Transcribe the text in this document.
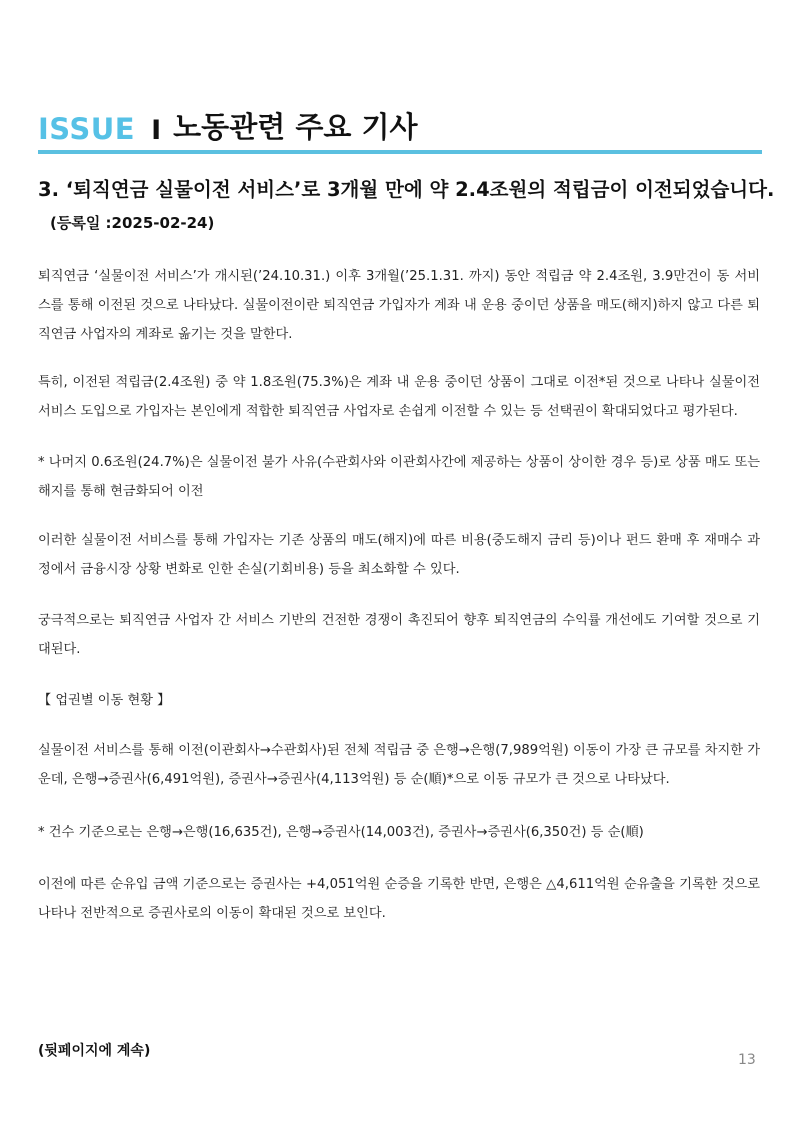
ISSUE I 노동관련 주요 기사
3. ‘퇴직연금 실물이전 서비스’로 3개월 만에 약 2.4조원의 적립금이 이전되었습니다.
(등록일 :2025-02-24)

퇴직연금 ‘실물이전 서비스’가 개시된(’24.10.31.) 이후 3개월(’25.1.31. 까지) 동안 적립금 약 2.4조원, 3.9만건이 동 서비스를 통해 이전된 것으로 나타났다. 실물이전이란 퇴직연금 가입자가 계좌 내 운용 중이던 상품을 매도(해지)하지 않고 다른 퇴직연금 사업자의 계좌로 옮기는 것을 말한다.

특히, 이전된 적립금(2.4조원) 중 약 1.8조원(75.3%)은 계좌 내 운용 중이던 상품이 그대로 이전*된 것으로 나타나 실물이전 서비스 도입으로 가입자는 본인에게 적합한 퇴직연금 사업자로 손쉽게 이전할 수 있는 등 선택권이 확대되었다고 평가된다.

* 나머지 0.6조원(24.7%)은 실물이전 불가 사유(수관회사와 이관회사간에 제공하는 상품이 상이한 경우 등)로 상품 매도 또는 해지를 통해 현금화되어 이전

이러한 실물이전 서비스를 통해 가입자는 기존 상품의 매도(해지)에 따른 비용(중도해지 금리 등)이나 펀드 환매 후 재매수 과정에서 금융시장 상황 변화로 인한 손실(기회비용) 등을 최소화할 수 있다.

궁극적으로는 퇴직연금 사업자 간 서비스 기반의 건전한 경쟁이 촉진되어 향후 퇴직연금의 수익률 개선에도 기여할 것으로 기대된다.

【 업권별 이동 현황 】

실물이전 서비스를 통해 이전(이관회사→수관회사)된 전체 적립금 중 은행→은행(7,989억원) 이동이 가장 큰 규모를 차지한 가운데, 은행→증권사(6,491억원), 증권사→증권사(4,113억원) 등 순(順)*으로 이동 규모가 큰 것으로 나타났다.

* 건수 기준으로는 은행→은행(16,635건), 은행→증권사(14,003건), 증권사→증권사(6,350건) 등 순(順)

이전에 따른 순유입 금액 기준으로는 증권사는 +4,051억원 순증을 기록한 반면, 은행은 △4,611억원 순유출을 기록한 것으로 나타나 전반적으로 증권사로의 이동이 확대된 것으로 보인다.

(뒷페이지에 계속)
13
